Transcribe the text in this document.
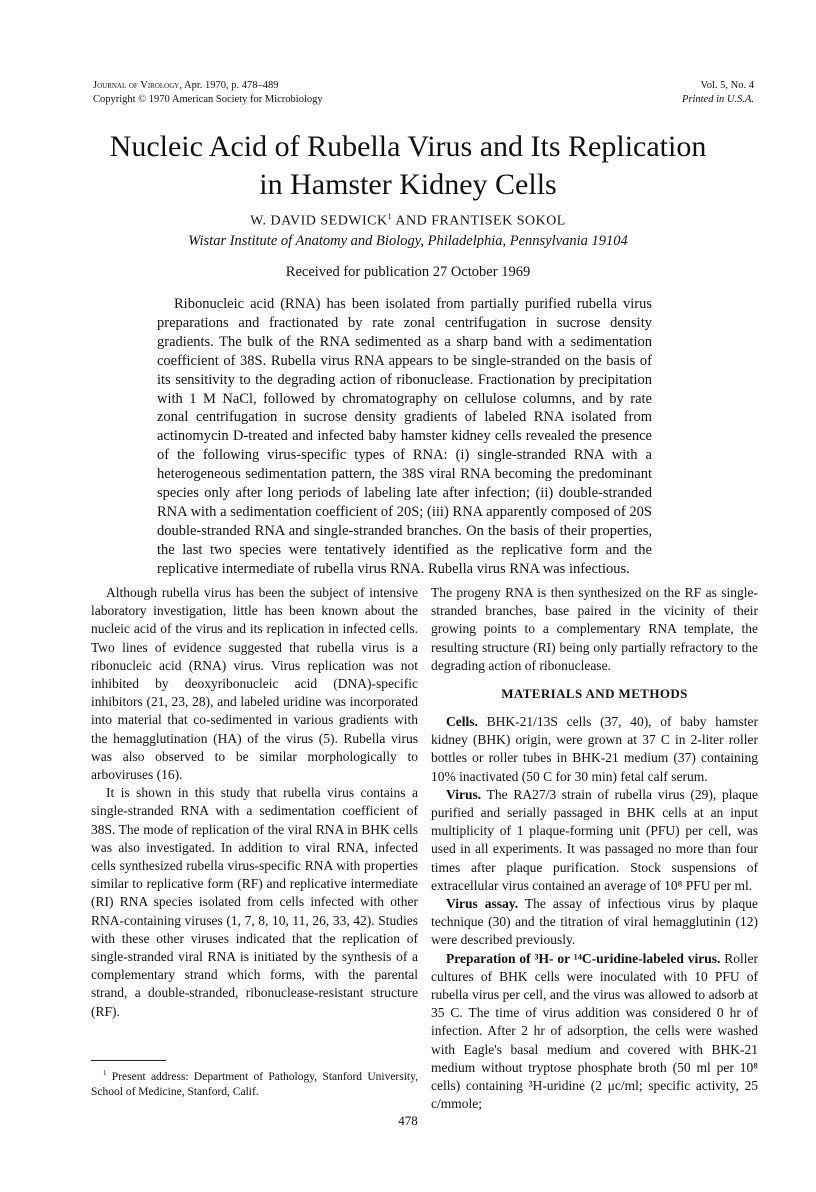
Journal of Virology, Apr. 1970, p. 478–489	Vol. 5, No. 4
Copyright © 1970 American Society for Microbiology	Printed in U.S.A.
Nucleic Acid of Rubella Virus and Its Replication
in Hamster Kidney Cells
W. DAVID SEDWICK$^1$ AND FRANTISEK SOKOL
Wistar Institute of Anatomy and Biology, Philadelphia, Pennsylvania 19104
Received for publication 27 October 1969

Ribonucleic acid (RNA) has been isolated from partially purified rubella virus preparations and fractionated by rate zonal centrifugation in sucrose density gradients. The bulk of the RNA sedimented as a sharp band with a sedimentation coefficient of 38S. Rubella virus RNA appears to be single-stranded on the basis of its sensitivity to the degrading action of ribonuclease. Fractionation by precipitation with 1 M NaCl, followed by chromatography on cellulose columns, and by rate zonal centrifugation in sucrose density gradients of labeled RNA isolated from actinomycin D-treated and infected baby hamster kidney cells revealed the presence of the following virus-specific types of RNA: (i) single-stranded RNA with a heterogeneous sedimentation pattern, the 38S viral RNA becoming the predominant species only after long periods of labeling late after infection; (ii) double-stranded RNA with a sedimentation coefficient of 20S; (iii) RNA apparently composed of 20S double-stranded RNA and single-stranded branches. On the basis of their properties, the last two species were tentatively identified as the replicative form and the replicative intermediate of rubella virus RNA. Rubella virus RNA was infectious.

Although rubella virus has been the subject of intensive laboratory investigation, little has been known about the nucleic acid of the virus and its replication in infected cells. Two lines of evidence suggested that rubella virus is a ribonucleic acid (RNA) virus. Virus replication was not inhibited by deoxyribonucleic acid (DNA)-specific inhibitors (21, 23, 28), and labeled uridine was incorporated into material that co-sedimented in various gradients with the hemagglutination (HA) of the virus (5). Rubella virus was also observed to be similar morphologically to arboviruses (16).

It is shown in this study that rubella virus contains a single-stranded RNA with a sedimentation coefficient of 38S. The mode of replication of the viral RNA in BHK cells was also investigated. In addition to viral RNA, infected cells synthesized rubella virus-specific RNA with properties similar to replicative form (RF) and replicative intermediate (RI) RNA species isolated from cells infected with other RNA-containing viruses (1, 7, 8, 10, 11, 26, 33, 42). Studies with these other viruses indicated that the replication of single-stranded viral RNA is initiated by the synthesis of a complementary strand which forms, with the parental strand, a double-stranded, ribonuclease-resistant structure (RF).

The progeny RNA is then synthesized on the RF as single-stranded branches, base paired in the vicinity of their growing points to a complementary RNA template, the resulting structure (RI) being only partially refractory to the degrading action of ribonuclease.

MATERIALS AND METHODS

Cells. BHK-21/13S cells (37, 40), of baby hamster kidney (BHK) origin, were grown at 37 C in 2-liter roller bottles or roller tubes in BHK-21 medium (37) containing 10% inactivated (50 C for 30 min) fetal calf serum.

Virus. The RA27/3 strain of rubella virus (29), plaque purified and serially passaged in BHK cells at an input multiplicity of 1 plaque-forming unit (PFU) per cell, was used in all experiments. It was passaged no more than four times after plaque purification. Stock suspensions of extracellular virus contained an average of 10⁸ PFU per ml.

Virus assay. The assay of infectious virus by plaque technique (30) and the titration of viral hemagglutinin (12) were described previously.

Preparation of ³H- or ¹⁴C-uridine-labeled virus. Roller cultures of BHK cells were inoculated with 10 PFU of rubella virus per cell, and the virus was allowed to adsorb at 35 C. The time of virus addition was considered 0 hr of infection. After 2 hr of adsorption, the cells were washed with Eagle's basal medium and covered with BHK-21 medium without tryptose phosphate broth (50 ml per 10⁸ cells) containing ³H-uridine (2 μc/ml; specific activity, 25 c/mmole;

$^1$ Present address: Department of Pathology, Stanford University, School of Medicine, Stanford, Calif.

478
